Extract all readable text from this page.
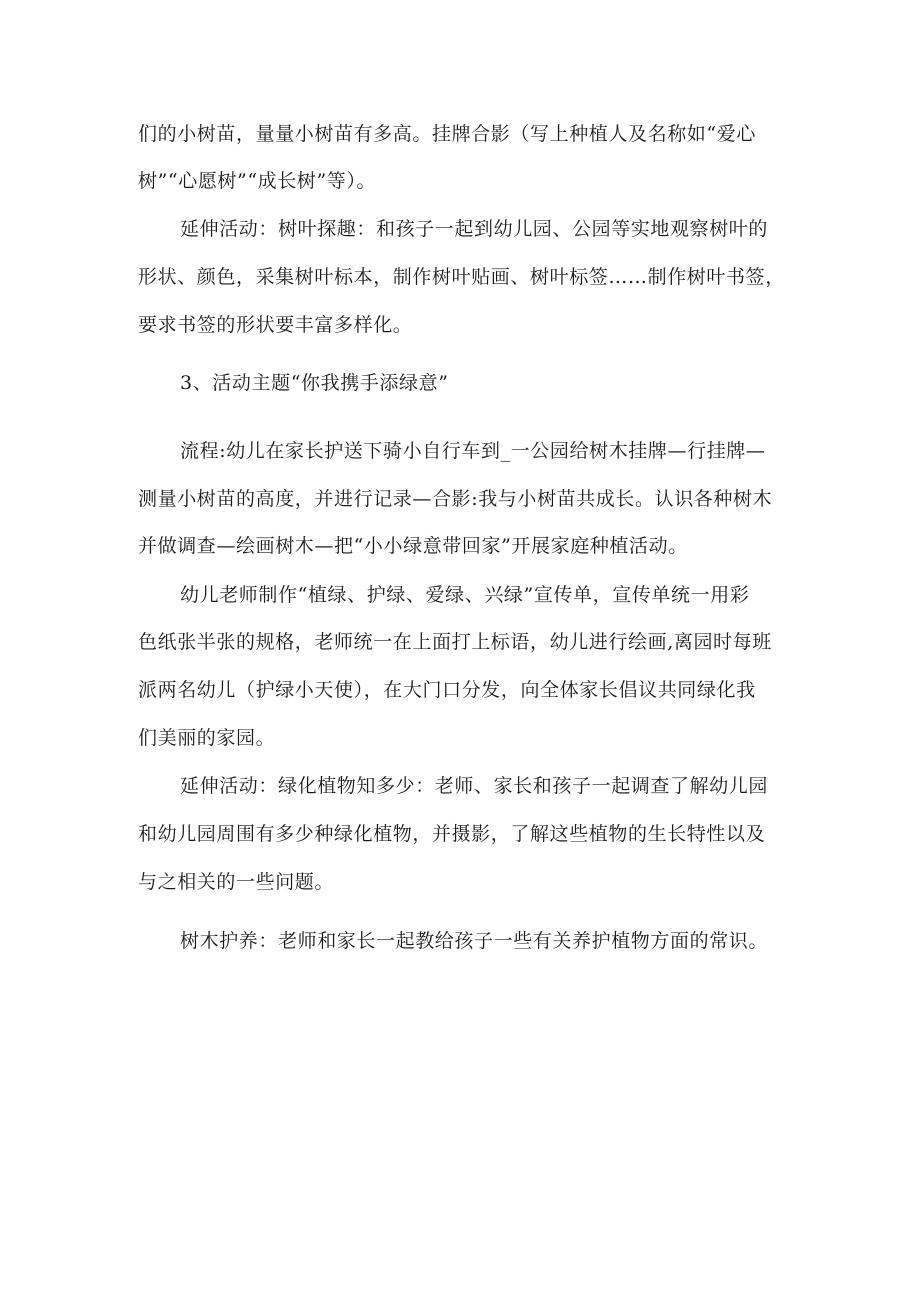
们的小树苗，量量小树苗有多高。挂牌合影（写上种植人及名称如“爱心
树”“心愿树”“成长树”等）。
延伸活动：树叶探趣：和孩子一起到幼儿园、公园等实地观察树叶的
形状、颜色，采集树叶标本，制作树叶贴画、树叶标签……制作树叶书签，
要求书签的形状要丰富多样化。
3、活动主题“你我携手添绿意”
流程:幼儿在家长护送下骑小自行车到_一公园给树木挂牌—行挂牌—
测量小树苗的高度，并进行记录—合影:我与小树苗共成长。认识各种树木
并做调查—绘画树木—把“小小绿意带回家”开展家庭种植活动。
幼儿老师制作“植绿、护绿、爱绿、兴绿”宣传单，宣传单统一用彩
色纸张半张的规格，老师统一在上面打上标语，幼儿进行绘画,离园时每班
派两名幼儿（护绿小天使），在大门口分发，向全体家长倡议共同绿化我
们美丽的家园。
延伸活动：绿化植物知多少：老师、家长和孩子一起调查了解幼儿园
和幼儿园周围有多少种绿化植物，并摄影，了解这些植物的生长特性以及
与之相关的一些问题。
树木护养：老师和家长一起教给孩子一些有关养护植物方面的常识。
